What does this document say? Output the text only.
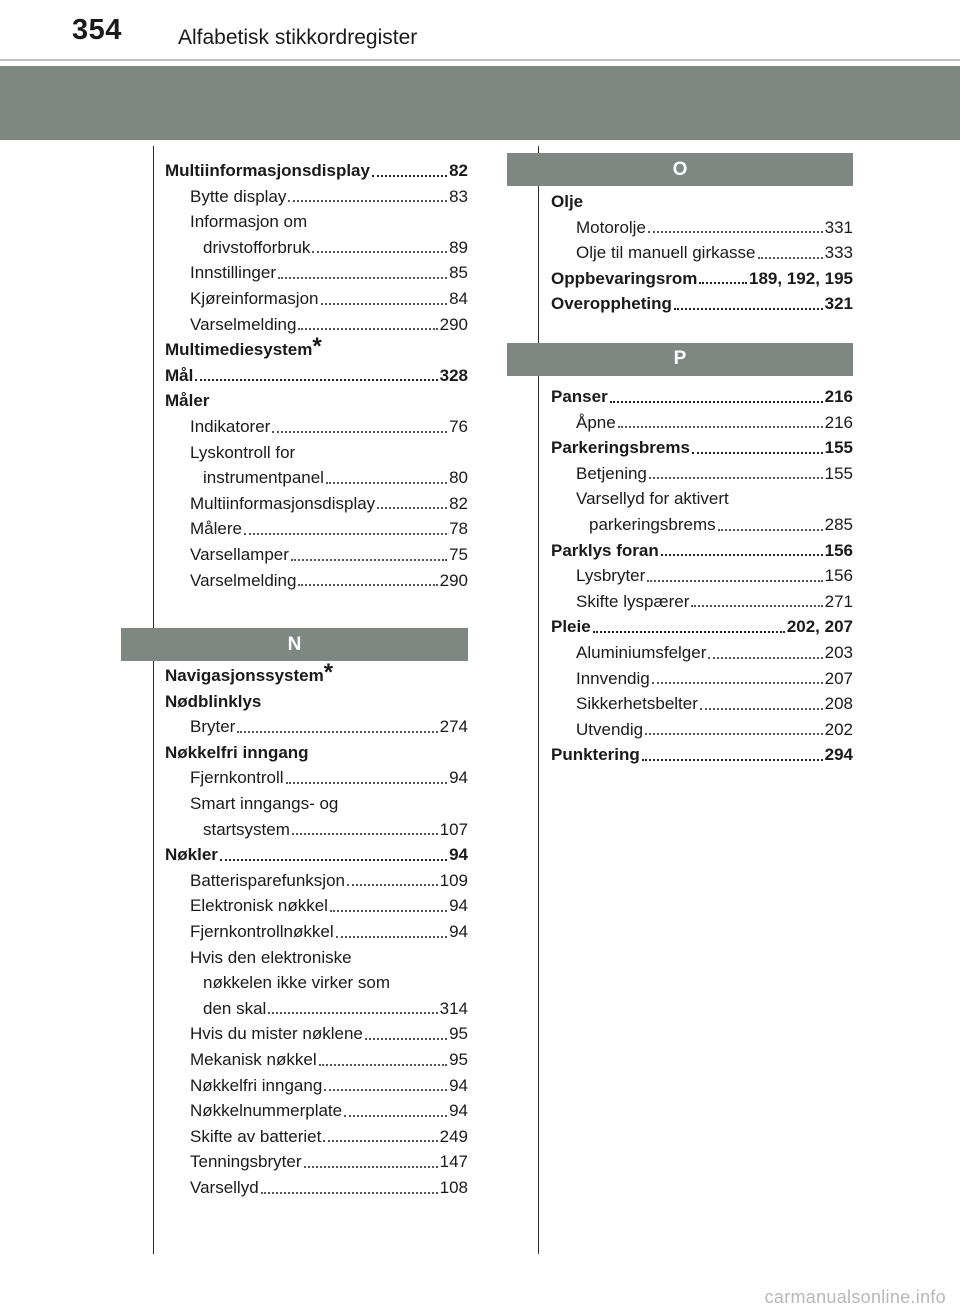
354	Alfabetisk stikkordregister
Multiinformasjonsdisplay	82
Bytte display	83
Informasjon om
drivstofforbruk	89
Innstillinger	85
Kjøreinformasjon	84
Varselmelding	290
Multimediesystem *
Mål	328
Måler
Indikatorer	76
Lyskontroll for
instrumentpanel	80
Multiinformasjonsdisplay	82
Målere	78
Varsellamper	75
Varselmelding	290
N
Navigasjonssystem *
Nødblinklys
Bryter	274
Nøkkelfri inngang
Fjernkontroll	94
Smart inngangs- og
startsystem	107
Nøkler	94
Batterisparefunksjon	109
Elektronisk nøkkel	94
Fjernkontrollnøkkel	94
Hvis den elektroniske
nøkkelen ikke virker som
den skal	314
Hvis du mister nøklene	95
Mekanisk nøkkel	95
Nøkkelfri inngang	94
Nøkkelnummerplate	94
Skifte av batteriet	249
Tenningsbryter	147
Varsellyd	108
O
Olje
Motorolje	331
Olje til manuell girkasse	333
Oppbevaringsrom	189, 192, 195
Overoppheting	321
P
Panser	216
Åpne	216
Parkeringsbrems	155
Betjening	155
Varsellyd for aktivert
parkeringsbrems	285
Parklys foran	156
Lysbryter	156
Skifte lyspærer	271
Pleie	202, 207
Aluminiumsfelger	203
Innvendig	207
Sikkerhetsbelter	208
Utvendig	202
Punktering	294
carmanualsonline.info
